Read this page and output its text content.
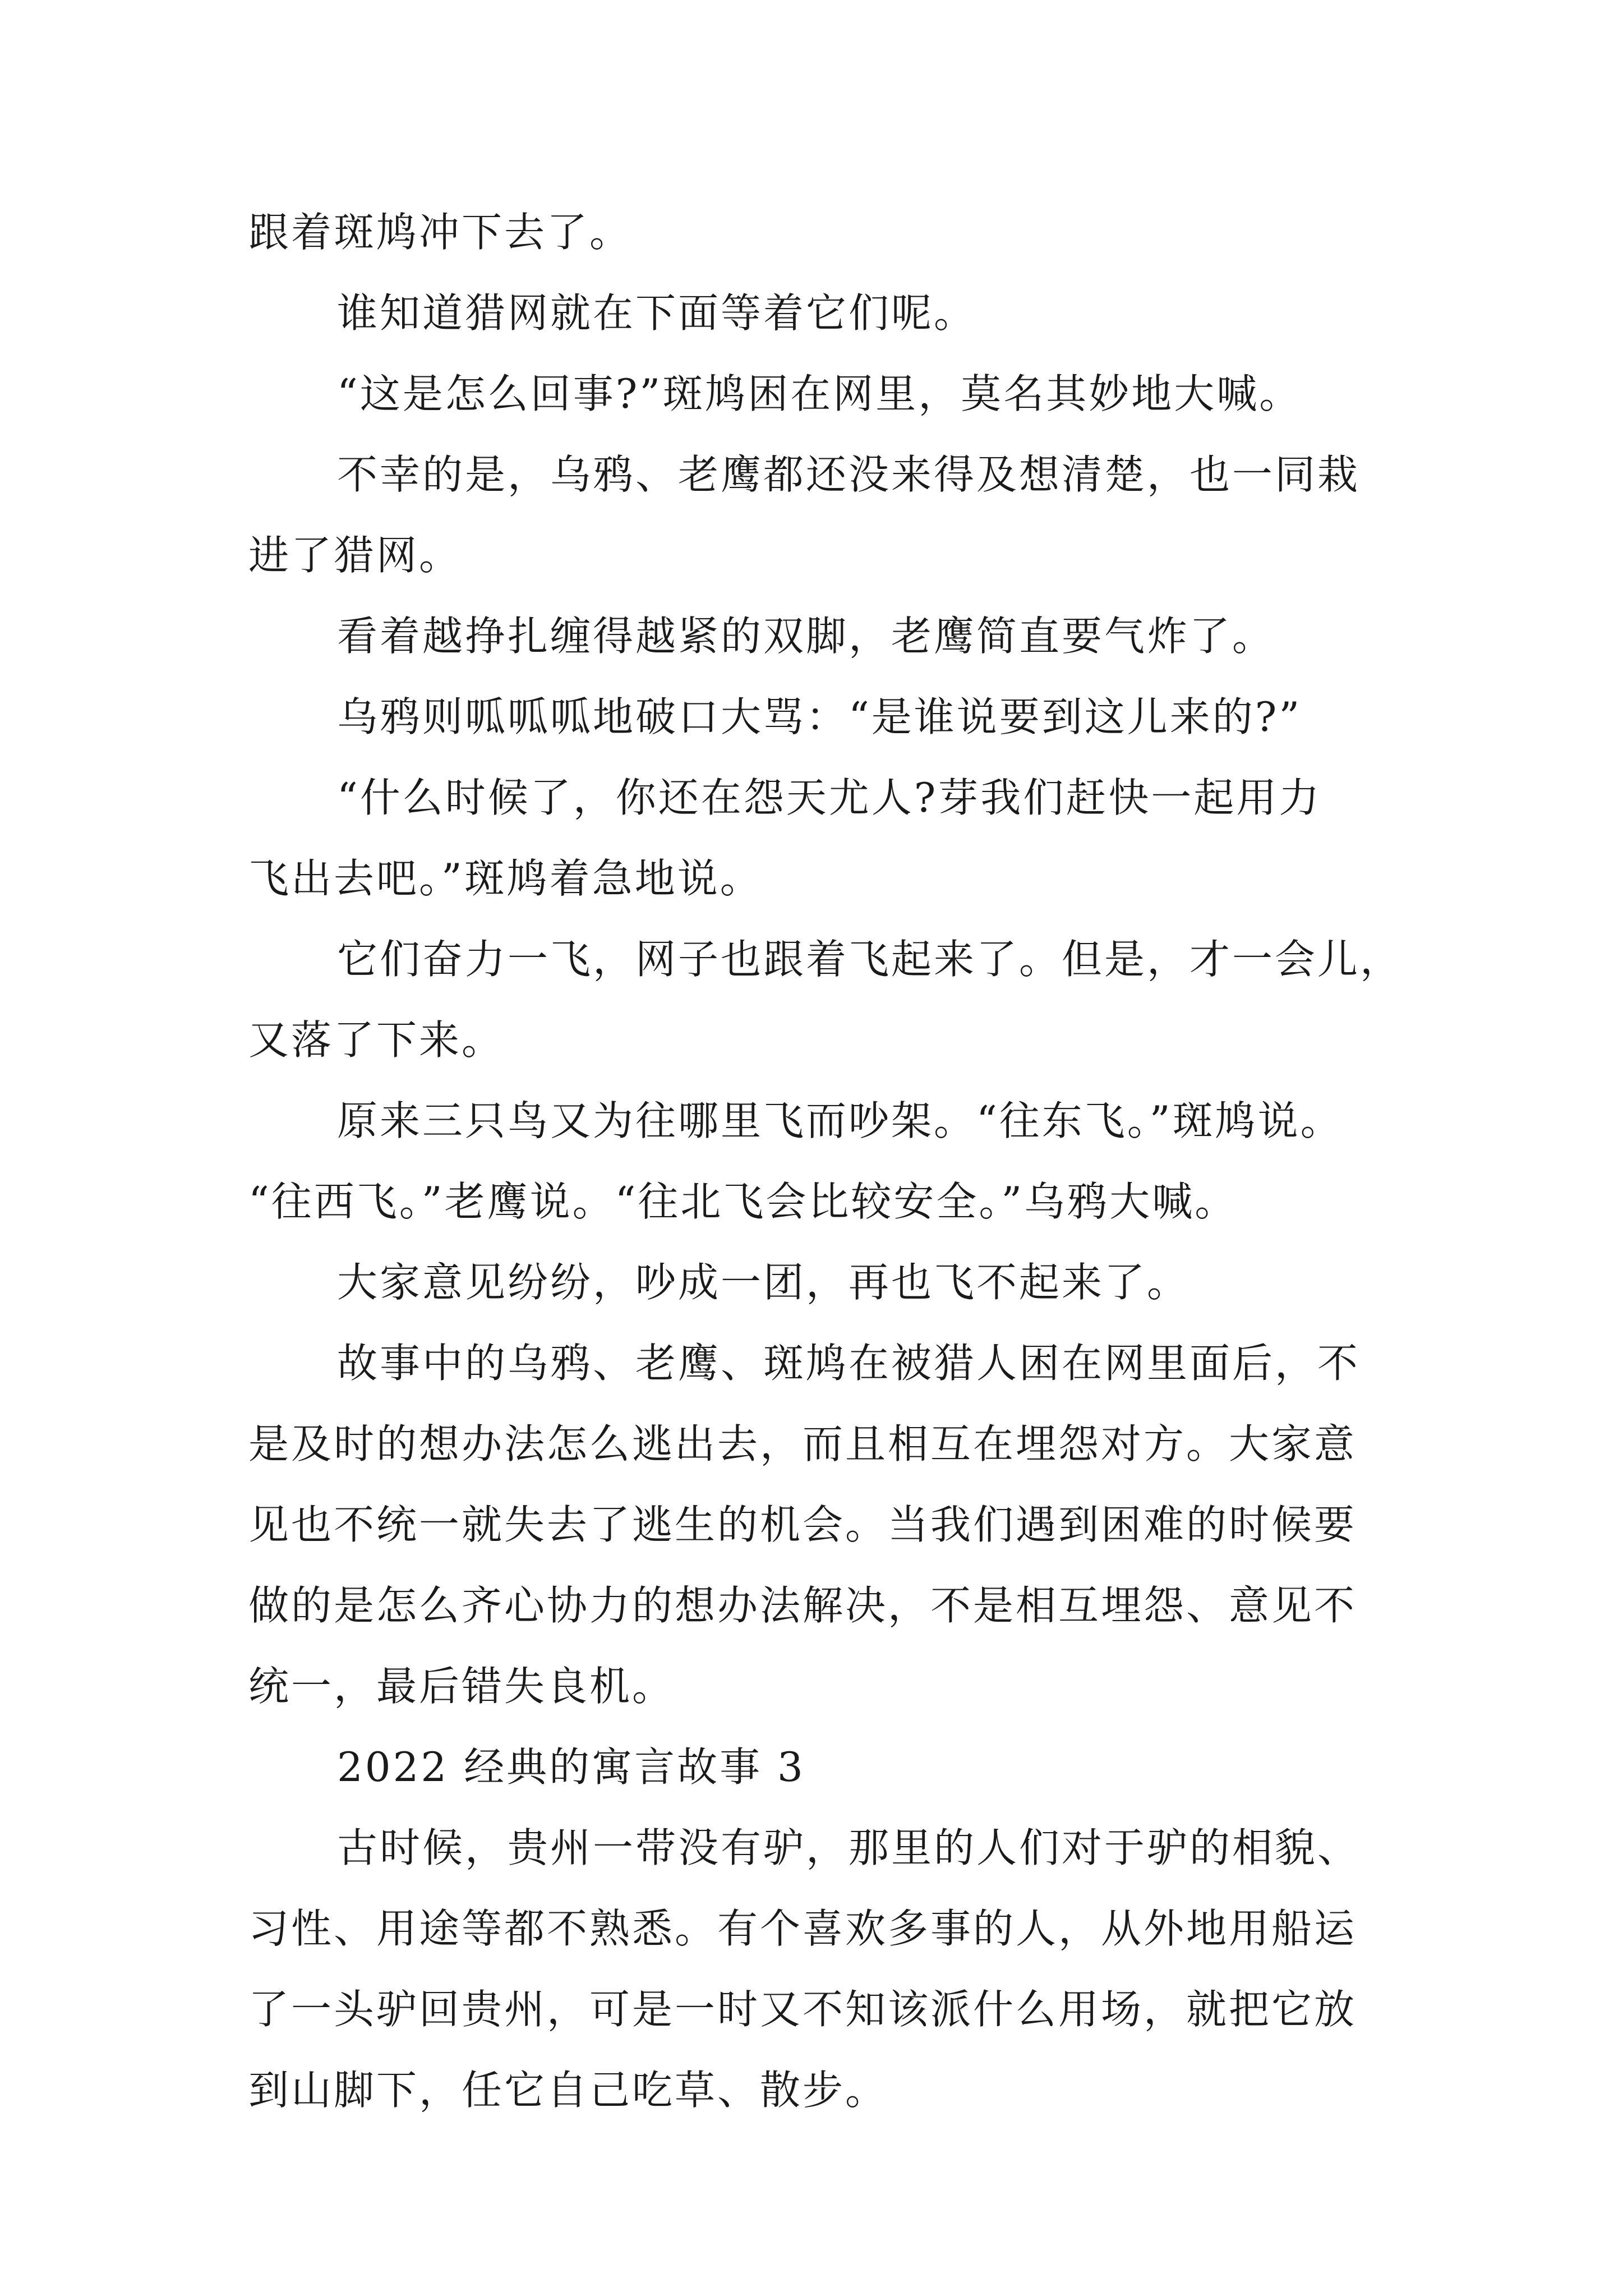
跟着斑鸠冲下去了。
谁知道猎网就在下面等着它们呢。
“这是怎么回事?”斑鸠困在网里，莫名其妙地大喊。
不幸的是，乌鸦、老鹰都还没来得及想清楚，也一同栽
进了猎网。
看着越挣扎缠得越紧的双脚，老鹰简直要气炸了。
乌鸦则呱呱呱地破口大骂：“是谁说要到这儿来的?”
“什么时候了，你还在怨天尤人?芽我们赶快一起用力
飞出去吧。”斑鸠着急地说。
它们奋力一飞，网子也跟着飞起来了。但是，才一会儿，
又落了下来。
原来三只鸟又为往哪里飞而吵架。“往东飞。”斑鸠说。
“往西飞。”老鹰说。“往北飞会比较安全。”乌鸦大喊。
大家意见纷纷，吵成一团，再也飞不起来了。
故事中的乌鸦、老鹰、斑鸠在被猎人困在网里面后，不
是及时的想办法怎么逃出去，而且相互在埋怨对方。大家意
见也不统一就失去了逃生的机会。当我们遇到困难的时候要
做的是怎么齐心协力的想办法解决，不是相互埋怨、意见不
统一，最后错失良机。
2022 经典的寓言故事 3
古时候，贵州一带没有驴，那里的人们对于驴的相貌、
习性、用途等都不熟悉。有个喜欢多事的人，从外地用船运
了一头驴回贵州，可是一时又不知该派什么用场，就把它放
到山脚下，任它自己吃草、散步。
